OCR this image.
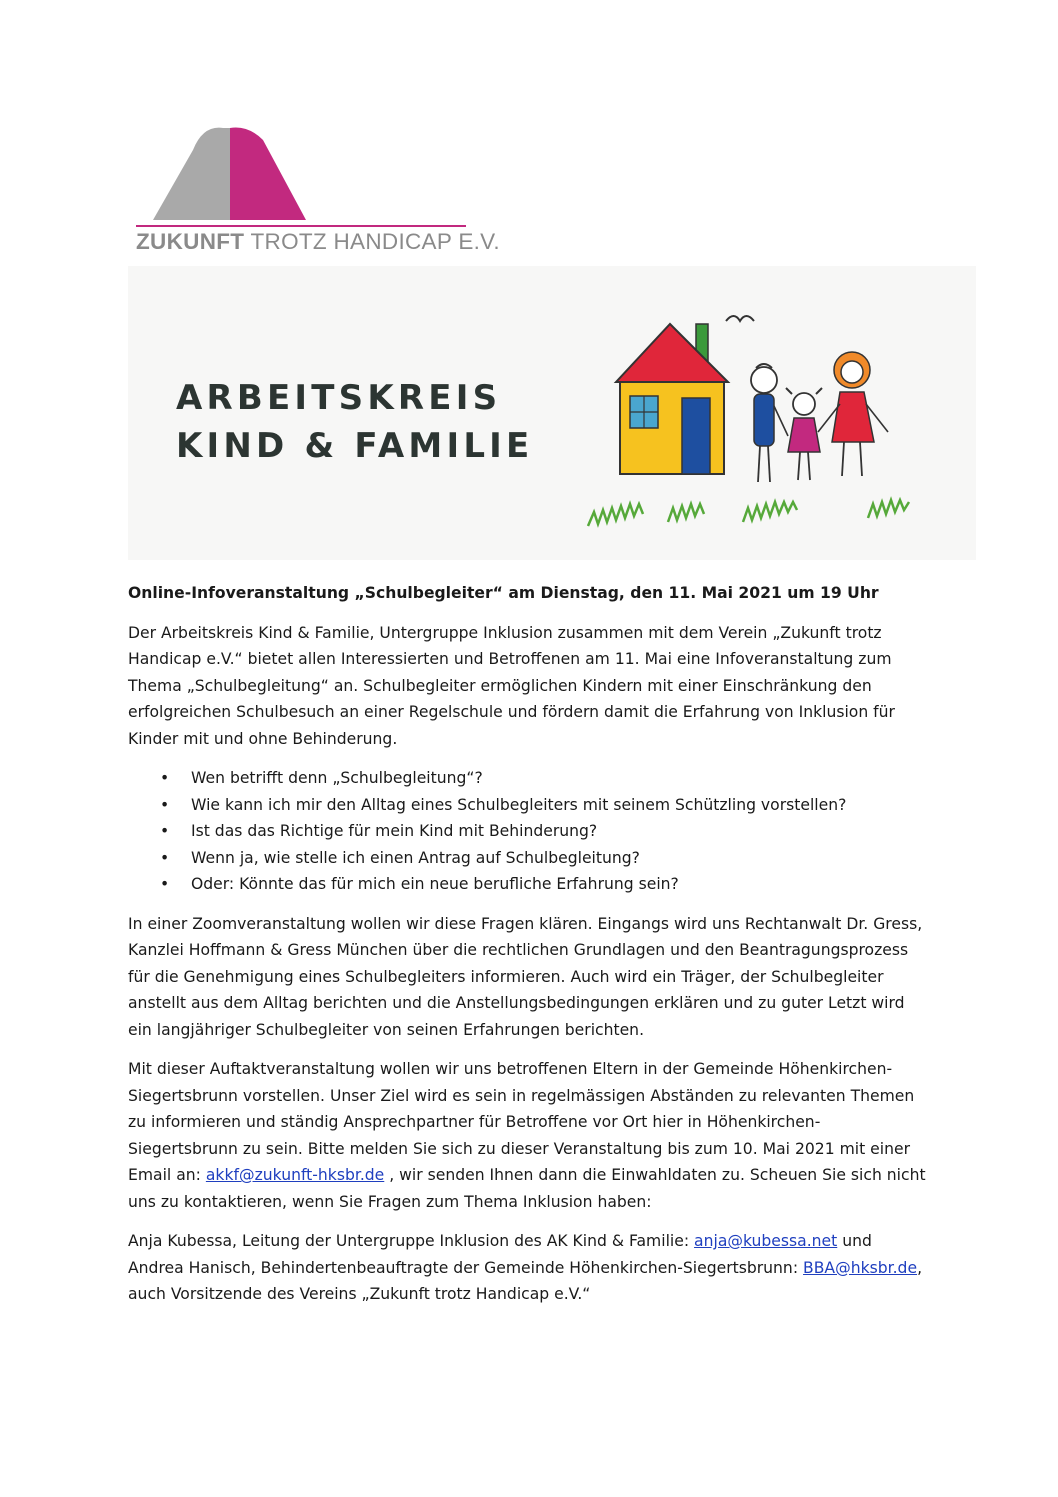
ZUKUNFT TROTZ HANDICAP E.V.
ARBEITSKREIS
KIND & FAMILIE

Online-Infoveranstaltung „Schulbegleiter“ am Dienstag, den 11. Mai 2021 um 19 Uhr

Der Arbeitskreis Kind & Familie, Untergruppe Inklusion zusammen mit dem Verein „Zukunft trotz Handicap e.V.“ bietet allen Interessierten und Betroffenen am 11. Mai eine Infoveranstaltung zum Thema „Schulbegleitung“ an. Schulbegleiter ermöglichen Kindern mit einer Einschränkung den erfolgreichen Schulbesuch an einer Regelschule und fördern damit die Erfahrung von Inklusion für Kinder mit und ohne Behinderung.

• Wen betrifft denn „Schulbegleitung“?
• Wie kann ich mir den Alltag eines Schulbegleiters mit seinem Schützling vorstellen?
• Ist das das Richtige für mein Kind mit Behinderung?
• Wenn ja, wie stelle ich einen Antrag auf Schulbegleitung?
• Oder: Könnte das für mich ein neue berufliche Erfahrung sein?

In einer Zoomveranstaltung wollen wir diese Fragen klären. Eingangs wird uns Rechtanwalt Dr. Gress, Kanzlei Hoffmann & Gress München über die rechtlichen Grundlagen und den Beantragungsprozess für die Genehmigung eines Schulbegleiters informieren. Auch wird ein Träger, der Schulbegleiter anstellt aus dem Alltag berichten und die Anstellungsbedingungen erklären und zu guter Letzt wird ein langjähriger Schulbegleiter von seinen Erfahrungen berichten.

Mit dieser Auftaktveranstaltung wollen wir uns betroffenen Eltern in der Gemeinde Höhenkirchen-Siegertsbrunn vorstellen. Unser Ziel wird es sein in regelmässigen Abständen zu relevanten Themen zu informieren und ständig Ansprechpartner für Betroffene vor Ort hier in Höhenkirchen-Siegertsbrunn zu sein. Bitte melden Sie sich zu dieser Veranstaltung bis zum 10. Mai 2021 mit einer Email an: akkf@zukunft-hksbr.de , wir senden Ihnen dann die Einwahldaten zu. Scheuen Sie sich nicht uns zu kontaktieren, wenn Sie Fragen zum Thema Inklusion haben:

Anja Kubessa, Leitung der Untergruppe Inklusion des AK Kind & Familie: anja@kubessa.net und Andrea Hanisch, Behindertenbeauftragte der Gemeinde Höhenkirchen-Siegertsbrunn: BBA@hksbr.de, auch Vorsitzende des Vereins „Zukunft trotz Handicap e.V.“
